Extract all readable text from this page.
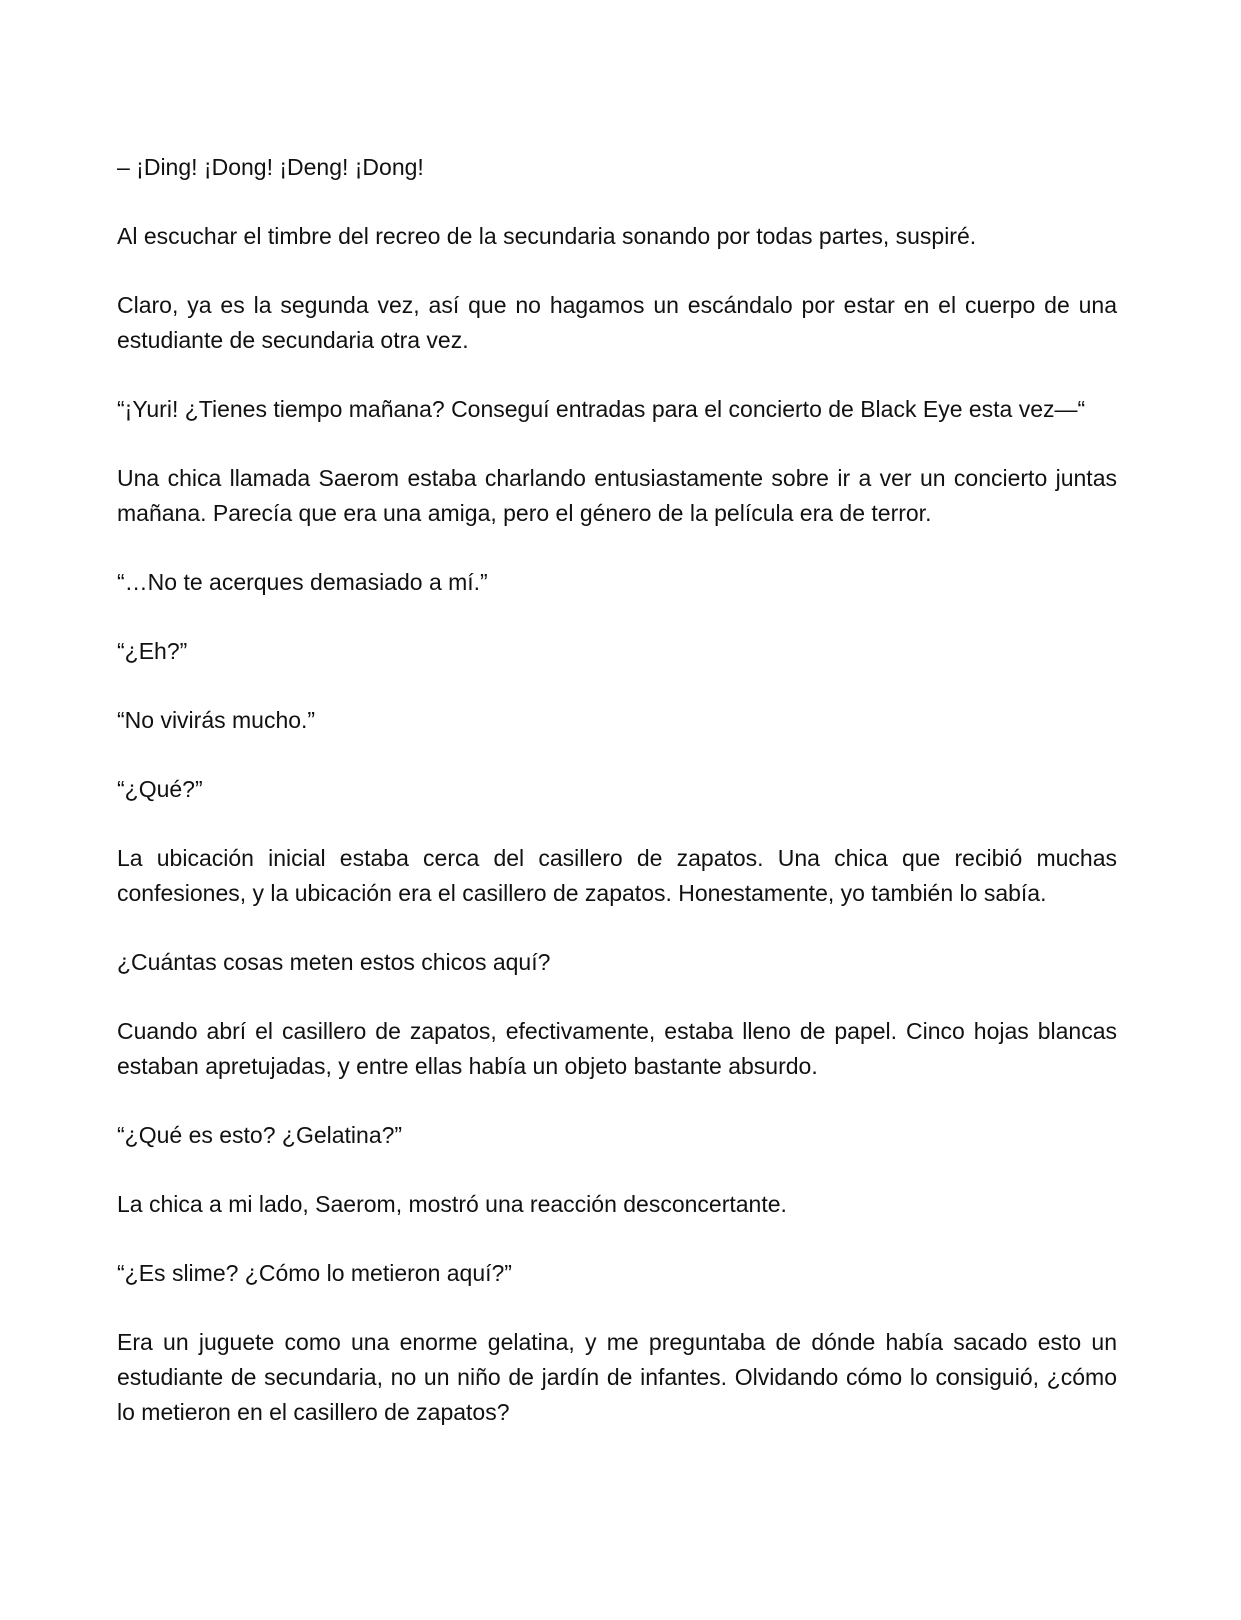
– ¡Ding! ¡Dong! ¡Deng! ¡Dong!

Al escuchar el timbre del recreo de la secundaria sonando por todas partes, suspiré.

Claro, ya es la segunda vez, así que no hagamos un escándalo por estar en el cuerpo de una estudiante de secundaria otra vez.

“¡Yuri! ¿Tienes tiempo mañana? Conseguí entradas para el concierto de Black Eye esta vez—“

Una chica llamada Saerom estaba charlando entusiastamente sobre ir a ver un concierto juntas mañana. Parecía que era una amiga, pero el género de la película era de terror.

“…No te acerques demasiado a mí.”

“¿Eh?”

“No vivirás mucho.”

“¿Qué?”

La ubicación inicial estaba cerca del casillero de zapatos. Una chica que recibió muchas confesiones, y la ubicación era el casillero de zapatos. Honestamente, yo también lo sabía.

¿Cuántas cosas meten estos chicos aquí?

Cuando abrí el casillero de zapatos, efectivamente, estaba lleno de papel. Cinco hojas blancas estaban apretujadas, y entre ellas había un objeto bastante absurdo.

“¿Qué es esto? ¿Gelatina?”

La chica a mi lado, Saerom, mostró una reacción desconcertante.

“¿Es slime? ¿Cómo lo metieron aquí?”

Era un juguete como una enorme gelatina, y me preguntaba de dónde había sacado esto un estudiante de secundaria, no un niño de jardín de infantes. Olvidando cómo lo consiguió, ¿cómo lo metieron en el casillero de zapatos?
